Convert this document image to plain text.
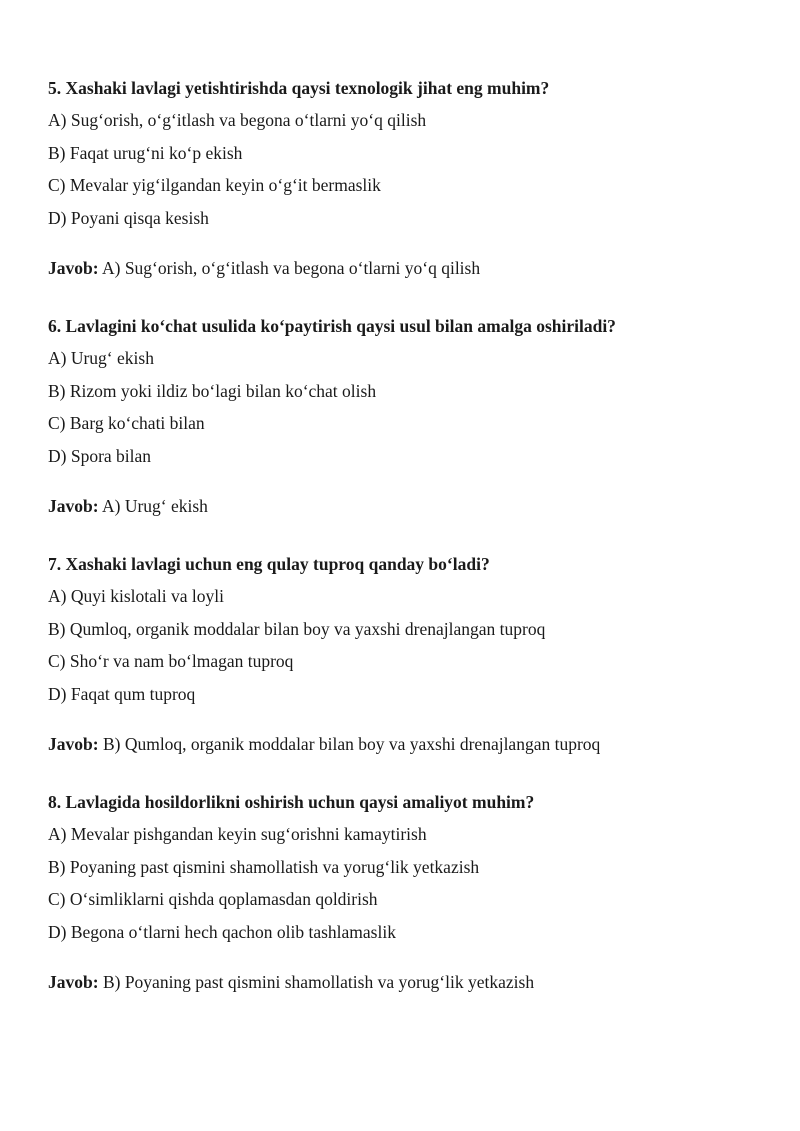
5. Xashaki lavlagi yetishtirishda qaysi texnologik jihat eng muhim?

A) Sug‘orish, o‘g‘itlash va begona o‘tlarni yo‘q qilish

B) Faqat urug‘ni ko‘p ekish

C) Mevalar yig‘ilgandan keyin o‘g‘it bermaslik

D) Poyani qisqa kesish

Javob: A) Sug‘orish, o‘g‘itlash va begona o‘tlarni yo‘q qilish

6. Lavlagini ko‘chat usulida ko‘paytirish qaysi usul bilan amalga oshiriladi?

A) Urug‘ ekish

B) Rizom yoki ildiz bo‘lagi bilan ko‘chat olish

C) Barg ko‘chati bilan

D) Spora bilan

Javob: A) Urug‘ ekish

7. Xashaki lavlagi uchun eng qulay tuproq qanday bo‘ladi?

A) Quyi kislotali va loyli

B) Qumloq, organik moddalar bilan boy va yaxshi drenajlangan tuproq

C) Sho‘r va nam bo‘lmagan tuproq

D) Faqat qum tuproq

Javob: B) Qumloq, organik moddalar bilan boy va yaxshi drenajlangan tuproq

8. Lavlagida hosildorlikni oshirish uchun qaysi amaliyot muhim?

A) Mevalar pishgandan keyin sug‘orishni kamaytirish

B) Poyaning past qismini shamollatish va yorug‘lik yetkazish

C) O‘simliklarni qishda qoplamasdan qoldirish

D) Begona o‘tlarni hech qachon olib tashlamaslik

Javob: B) Poyaning past qismini shamollatish va yorug‘lik yetkazish
